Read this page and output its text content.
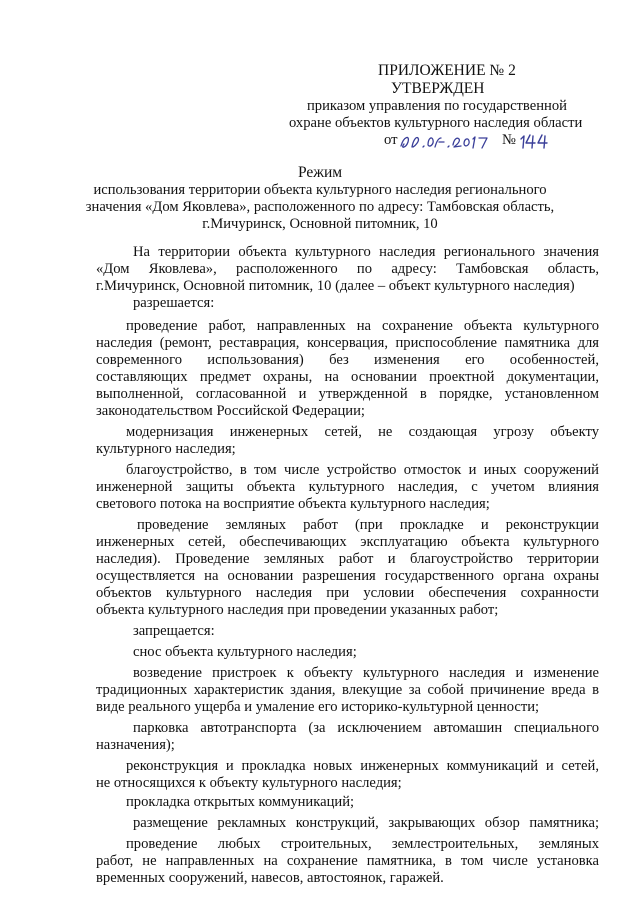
ПРИЛОЖЕНИЕ № 2
УТВЕРЖДЕН
приказом управления по государственной
охране объектов культурного наследия области
от	№
Режим
использования территории объекта культурного наследия регионального
значения «Дом Яковлева», расположенного по адресу: Тамбовская область,
г.Мичуринск, Основной питомник, 10
На территории объекта культурного наследия регионального значения
«Дом Яковлева», расположенного по адресу: Тамбовская область,
г.Мичуринск, Основной питомник, 10 (далее – объект культурного наследия)
разрешается:
проведение работ, направленных на сохранение объекта культурного
наследия (ремонт, реставрация, консервация, приспособление памятника для
современного использования) без изменения его особенностей,
составляющих предмет охраны, на основании проектной документации,
выполненной, согласованной и утвержденной в порядке, установленном
законодательством Российской Федерации;
модернизация инженерных сетей, не создающая угрозу объекту
культурного наследия;
благоустройство, в том числе устройство отмосток и иных сооружений
инженерной защиты объекта культурного наследия, с учетом влияния
светового потока на восприятие объекта культурного наследия;
проведение земляных работ (при прокладке и реконструкции
инженерных сетей, обеспечивающих эксплуатацию объекта культурного
наследия). Проведение земляных работ и благоустройство территории
осуществляется на основании разрешения государственного органа охраны
объектов культурного наследия при условии обеспечения сохранности
объекта культурного наследия при проведении указанных работ;
запрещается:
снос объекта культурного наследия;
возведение пристроек к объекту культурного наследия и изменение
традиционных характеристик здания, влекущие за собой причинение вреда в
виде реального ущерба и умаление его историко-культурной ценности;
парковка автотранспорта (за исключением автомашин специального
назначения);
реконструкция и прокладка новых инженерных коммуникаций и сетей,
не относящихся к объекту культурного наследия;
прокладка открытых коммуникаций;
размещение рекламных конструкций, закрывающих обзор памятника;
проведение любых строительных, землестроительных, земляных
работ, не направленных на сохранение памятника, в том числе установка
временных сооружений, навесов, автостоянок, гаражей.
